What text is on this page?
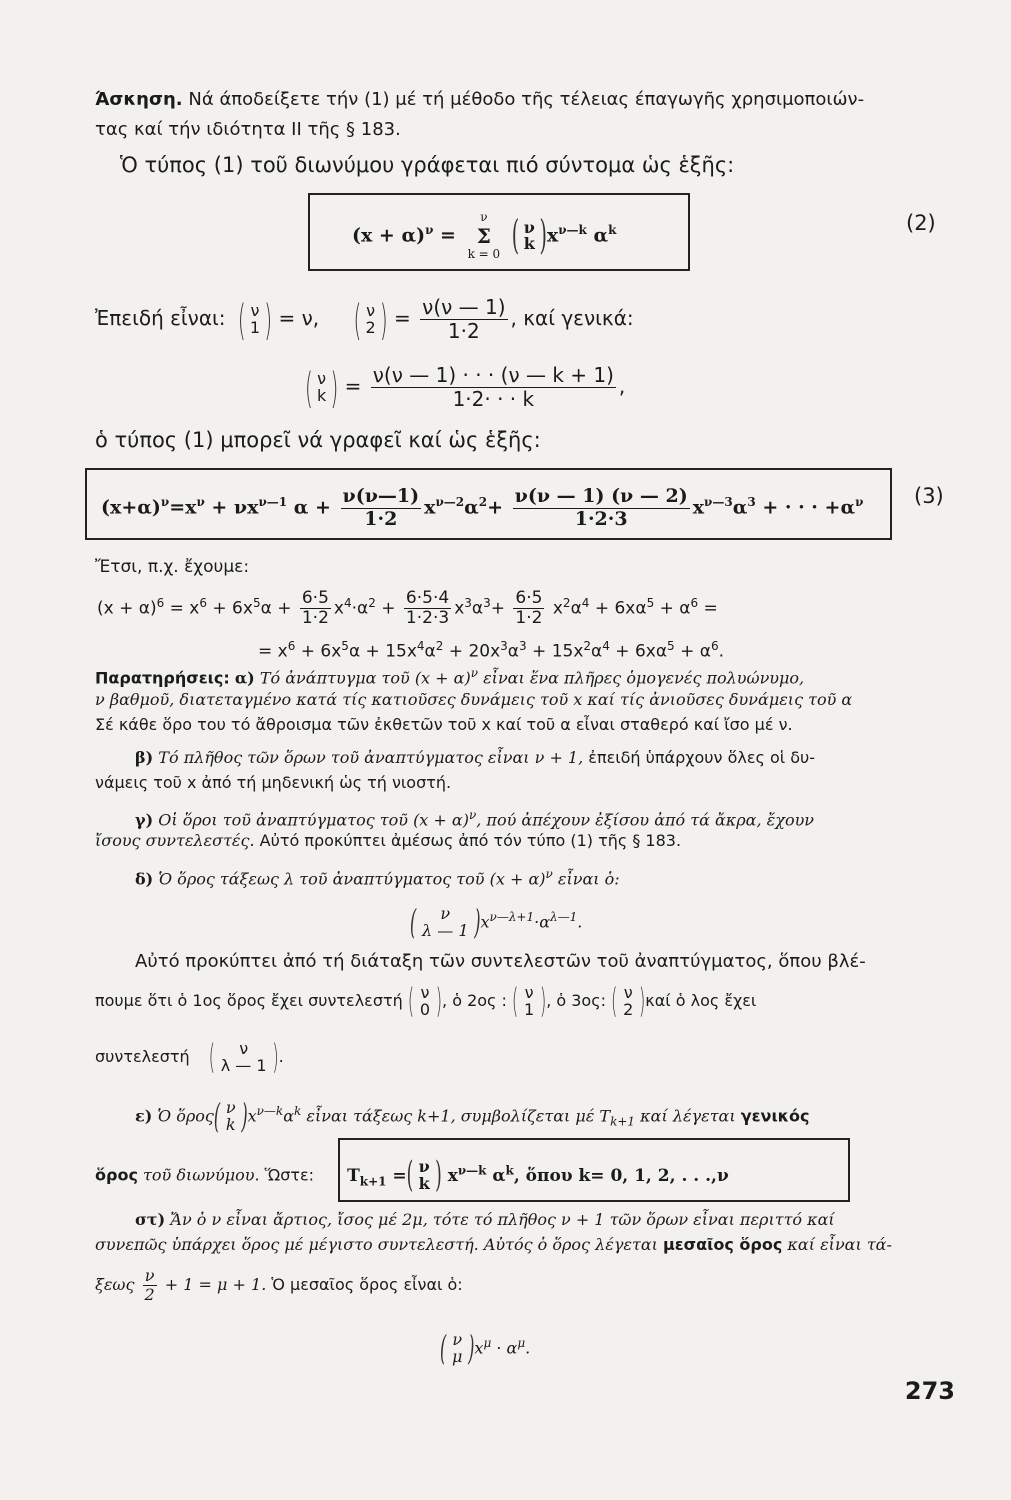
Άσκηση. Νά άποδείξετε τήν (1) μέ τή μέθοδο τῆς τέλειας έπαγωγῆς χρησιμοποιών-
τας καί τήν ιδιότητα ΙΙ τῆς § 183.
Ὁ τύπος (1) τοῦ διωνύμου γράφεται πιό σύντομα ὡς ἑξῆς:
$(x + \alpha)^\nu$ =
ν
Σ
k = 0

( ν
k
) $x^{\nu—k}$ $\alpha^k$	(2)
Ἐπειδή εἶναι: ( ν
1
) = ν,	( ν
2
) = $\frac{\nu(\nu — 1)}{1\cdot 2}$ , καί γενικά:
( ν
k
) = $\frac{\nu(\nu — 1) \cdot \cdot \cdot (\nu — k + 1)}{1\cdot 2\cdot \cdot \cdot k}$ ,
ὁ τύπος (1) μπορεῖ νά γραφεῖ καί ὡς ἑξῆς:
$(x+\alpha)^\nu=x^\nu + \nu x^{\nu—1}$ $\alpha + \frac{\nu(\nu—1)}{1\cdot 2} x^{\nu—2}\alpha^2+ \frac{\nu(\nu — 1) (\nu — 2)}{1\cdot 2\cdot 3} x^{\nu—3}\alpha^3$ + · · · $+\alpha^\nu$ (3)
Ἔτσι, π.χ. ἔχουμε:
$(x + \alpha)^6 = x^6 + 6x^5\alpha + \frac{6\cdot 5}{1\cdot 2} x^4\cdot\alpha^2 + \frac{6\cdot 5\cdot 4}{1\cdot 2\cdot 3} x^3\alpha^3+ \frac{6\cdot 5}{1\cdot 2} x^2\alpha^4 + 6x\alpha^5 + \alpha^6$ =
= $x^6 + 6x^5\alpha + 15x^4\alpha^2 + 20x^3\alpha^3 + 15x^2\alpha^4 + 6x\alpha^5 + \alpha^6$.
Παρατηρήσεις: α) Τό ἀνάπτυγμα τοῦ $(x + \alpha)^\nu$ εἶναι ἕνα πλῆρες ὁμογενές πολυώνυμο,
ν βαθμοῦ, διατεταγμένο κατά τίς κατιοῦσες δυνάμεις τοῦ x καί τίς ἀνιοῦσες δυνάμεις τοῦ α
Σέ κάθε ὅρο του τό ἄθροισμα τῶν ἐκθετῶν τοῦ x καί τοῦ α εἶναι σταθερό καί ἴσο μέ ν.
β) Τό πλῆθος τῶν ὅρων τοῦ ἀναπτύγματος εἶναι ν + 1, ἐπειδή ὑπάρχουν ὅλες οἱ δυ-
νάμεις τοῦ x ἀπό τή μηδενική ὡς τή νιοστή.
γ) Οἱ ὅροι τοῦ ἀναπτύγματος τοῦ $(x + \alpha)^\nu$, πού ἀπέχουν ἐξίσου ἀπό τά ἄκρα, ἔχουν
ἴσους συντελεστές. Αὐτό προκύπτει ἀμέσως ἀπό τόν τύπο (1) τῆς § 183.
δ) Ὁ ὅρος τάξεως λ τοῦ ἀναπτύγματος τοῦ $(x + \alpha)^\nu$ εἶναι ὁ:
( ν
λ — 1
) $x^{\nu—\lambda+1}\cdot\alpha^{\lambda—1}$.
Αὐτό προκύπτει ἀπό τή διάταξη τῶν συντελεστῶν τοῦ ἀναπτύγματος, ὅπου βλέ-
πουμε ὅτι ὁ 1ος ὅρος ἔχει συντελεστή ( ν
0
) , ὁ 2ος : ( ν
1
) , ὁ 3ος: ( ν
2
) καί ὁ λος ἔχει
συντελεστή	( ν
λ — 1
) .
ε) Ὁ ὅρος ( ν
k
) $x^{\nu—k}\alpha^k$ εἶναι τάξεως k+1, συμβολίζεται μέ $T_{k+1}$ καί λέγεται γενικός
ὅρος τοῦ διωνύμου. Ὥστε: $T_{k+1}$ = ( ν
k
) $x^{\nu—k}$ $\alpha^k$, ὅπου k= 0, 1, 2, . . .,ν
στ) Ἄν ὁ ν εἶναι ἄρτιος, ἴσος μέ 2μ, τότε τό πλῆθος ν + 1 τῶν ὅρων εἶναι περιττό καί
συνεπῶς ὑπάρχει ὅρος μέ μέγιστο συντελεστή. Αὐτός ὁ ὅρος λέγεται μεσαῖος ὅρος καί εἶναι τά-
ξεως $\frac{\nu}{2} + 1 = \mu + 1$. Ὁ μεσαῖος ὅρος εἶναι ὁ:
( ν
μ
) $x^\mu \cdot \alpha^\mu$.
273
